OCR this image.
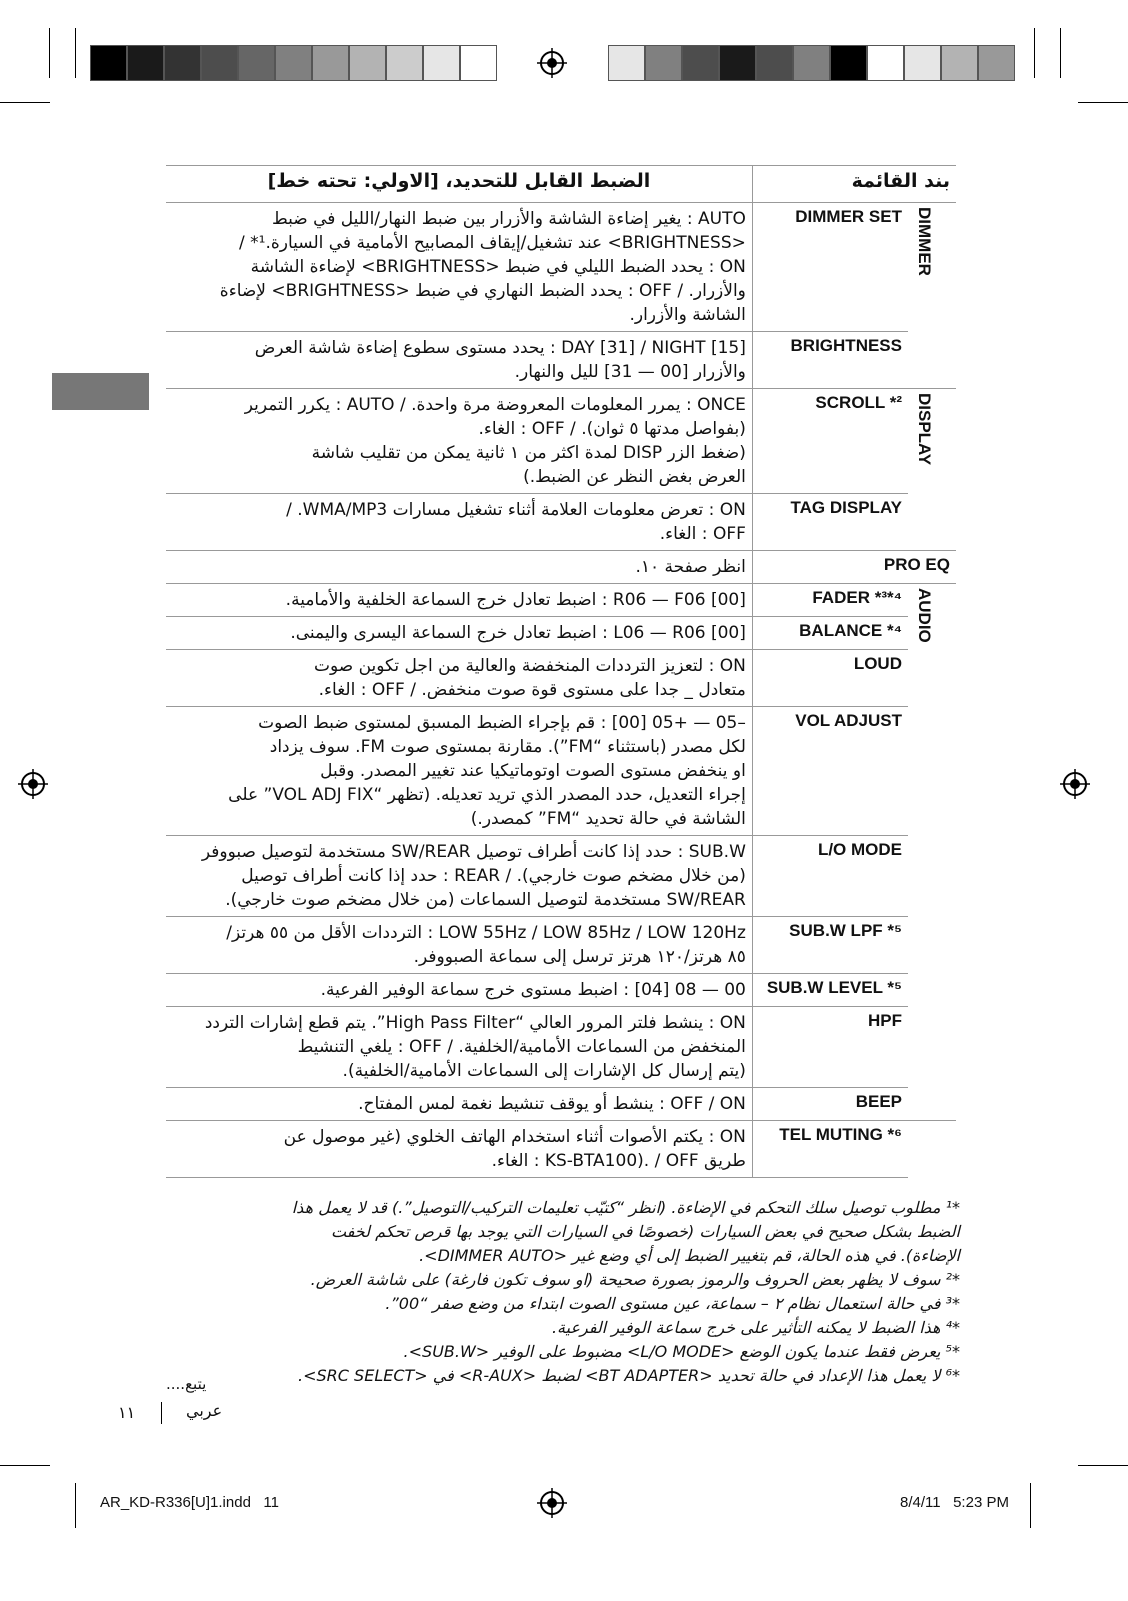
الضبط القابل للتحديد، [الاولي: تحته خط]	بند القائمة	

AUTO : يغير إضاءة الشاشة والأزرار بين ضبط النهار/الليل في ضبط
<BRIGHTNESS> عند تشغيل/إيقاف المصابيح الأمامية في السيارة.¹* /
ON : يحدد الضبط الليلي في ضبط <BRIGHTNESS> لإضاءة الشاشة
والأزرار. / OFF : يحدد الضبط النهاري في ضبط <BRIGHTNESS> لإضاءة
الشاشة والأزرار.	DIMMER SET	DIMMER

DAY [31] / NIGHT [15] : يحدد مستوى سطوع إضاءة شاشة العرض
والأزرار [00 — 31] لليل والنهار.	BRIGHTNESS	

ONCE : يمرر المعلومات المعروضة مرة واحدة. / AUTO : يكرر التمرير
(بفواصل مدتها ٥ ثوان). / OFF : الغاء.
(ضغط الزر DISP لمدة اكثر من ١ ثانية يمكن من تقليب شاشة
العرض بغض النظر عن الضبط.)	SCROLL *²	DISPLAY

ON : تعرض معلومات العلامة أثناء تشغيل مسارات WMA/MP3. /
OFF : الغاء.	TAG DISPLAY	

انظر صفحة ١٠.	PRO EQ	

R06 — F06 [00] : اضبط تعادل خرج السماعة الخلفية والأمامية.	FADER *³*⁴	AUDIO

L06 — R06 [00] : اضبط تعادل خرج السماعة اليسرى واليمنى.	BALANCE *⁴	

ON : لتعزيز الترددات المنخفضة والعالية من اجل تكوين صوت
متعادل _ جدا على مستوى قوة صوت منخفض. / OFF : الغاء.	LOUD	

–05 — +05 [00] : قم بإجراء الضبط المسبق لمستوى ضبط الصوت
لكل مصدر (باستثناء “FM”). مقارنة بمستوى صوت FM. سوف يزداد
او ينخفض مستوى الصوت اوتوماتيكيا عند تغيير المصدر. وقبل
إجراء التعديل، حدد المصدر الذي تريد تعديله. (تظهر “VOL ADJ FIX” على
الشاشة في حالة تحديد “FM” كمصدر.)	VOL ADJUST	

SUB.W : حدد إذا كانت أطراف توصيل SW/REAR مستخدمة لتوصيل صبووفر
(من خلال مضخم صوت خارجي). / REAR : حدد إذا كانت أطراف توصيل
SW/REAR مستخدمة لتوصيل السماعات (من خلال مضخم صوت خارجي).	L/O MODE	

LOW 55Hz / LOW 85Hz / LOW 120Hz : الترددات الأقل من ٥٥ هرتز/
٨٥ هرتز/١٢٠ هرتز ترسل إلى سماعة الصبووفر.	SUB.W LPF *⁵	

00 — 08 [04] : اضبط مستوى خرج سماعة الوفير الفرعية.	SUB.W LEVEL *⁵	

ON : ينشط فلتر المرور العالي “High Pass Filter”. يتم قطع إشارات التردد
المنخفض من السماعات الأمامية/الخلفية. / OFF : يلغي التنشيط
(يتم إرسال كل الإشارات إلى السماعات الأمامية/الخلفية).	HPF	

OFF / ON : ينشط أو يوقف تنشيط نغمة لمس المفتاح.	BEEP	

ON : يكتم الأصوات أثناء استخدام الهاتف الخلوي (غير موصول عن
طريق KS-BTA100). / OFF : الغاء.	TEL MUTING *⁶	
*¹ مطلوب توصيل سلك التحكم في الإضاءة. (انظر “كتيّب تعليمات التركيب/التوصيل”.) قد لا يعمل هذا
الضبط بشكل صحيح في بعض السيارات (خصوصًا في السيارات التي يوجد بها قرص تحكم لخفت
الإضاءة). في هذه الحالة، قم بتغيير الضبط إلى أي وضع غير <DIMMER AUTO>.
*² سوف لا يظهر بعض الحروف والرموز بصورة صحيحة (او سوف تكون فارغة) على شاشة العرض.
*³ في حالة استعمال نظام ٢ – سماعة، عين مستوى الصوت ابتداء من وضع صفر “00”.
*⁴ هذا الضبط لا يمكنه التأثير على خرج سماعة الوفير الفرعية.
*⁵ يعرض فقط عندما يكون الوضع <L/O MODE> مضبوط على الوفير <SUB.W>.
*⁶ لا يعمل هذا الإعداد في حالة تحديد <BT ADAPTER> لضبط <R-AUX> في <SRC SELECT>.
يتبع....
١١	عربي
AR_KD-R336[U]1.indd   11	8/4/11   5:23 PM
